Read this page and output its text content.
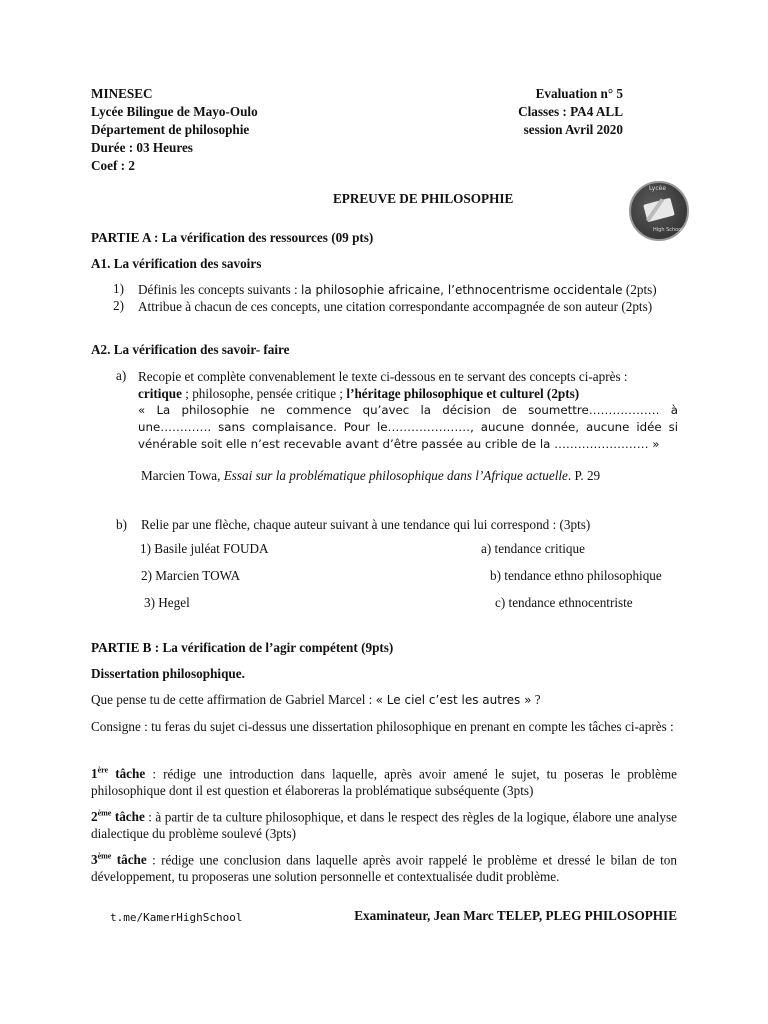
MINESEC
Lycée Bilingue de Mayo-Oulo
Département de philosophie
Durée : 03 Heures
Coef : 2
Evaluation n° 5
Classes : PA4 ALL
session Avril 2020
Lycée
High School
EPREUVE DE PHILOSOPHIE
PARTIE A : La vérification des ressources (09 pts)
A1. La vérification des savoirs
1) Définis les concepts suivants : la philosophie africaine, l’ethnocentrisme occidentale (2pts)
2) Attribue à chacun de ces concepts, une citation correspondante accompagnée de son auteur (2pts)
A2. La vérification des savoir- faire
a) Recopie et complète convenablement le texte ci-dessous en te servant des concepts ci-après :
critique ; philosophe, pensée critique ; l’héritage philosophique et culturel (2pts)
« La philosophie ne commence qu’avec la décision de soumettre……………… à une…………. sans complaisance. Pour le…………………, aucune donnée, aucune idée si vénérable soit elle n’est recevable avant d’être passée au crible de la …………………… »
Marcien Towa, Essai sur la problématique philosophique dans l’Afrique actuelle. P. 29
b) Relie par une flèche, chaque auteur suivant à une tendance qui lui correspond : (3pts)
1) Basile juléat FOUDA
2) Marcien TOWA
3) Hegel
a) tendance critique
b) tendance ethno philosophique
c) tendance ethnocentriste
PARTIE B : La vérification de l’agir compétent (9pts)
Dissertation philosophique.
Que pense tu de cette affirmation de Gabriel Marcel : « Le ciel c’est les autres » ?
Consigne : tu feras du sujet ci-dessus une dissertation philosophique en prenant en compte les tâches ci-après :
1ère tâche : rédige une introduction dans laquelle, après avoir amené le sujet, tu poseras le problème philosophique dont il est question et élaboreras la problématique subséquente (3pts)
2ème tâche : à partir de ta culture philosophique, et dans le respect des règles de la logique, élabore une analyse dialectique du problème soulevé (3pts)
3ème tâche : rédige une conclusion dans laquelle après avoir rappelé le problème et dressé le bilan de ton développement, tu proposeras une solution personnelle et contextualisée dudit problème.
t.me/KamerHighSchool	Examinateur, Jean Marc TELEP, PLEG PHILOSOPHIE
